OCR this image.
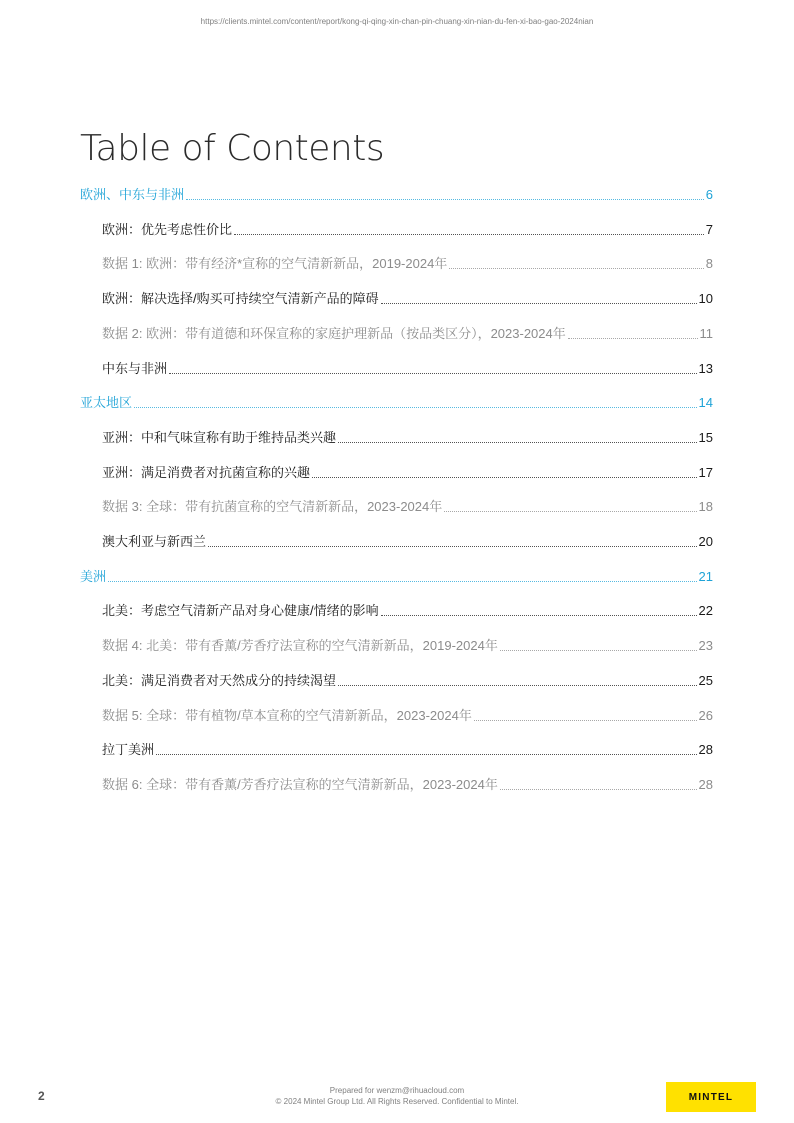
https://clients.mintel.com/content/report/kong-qi-qing-xin-chan-pin-chuang-xin-nian-du-fen-xi-bao-gao-2024nian
Table of Contents
欧洲、中东与非洲	6
欧洲：优先考虑性价比	7
数据 1: 欧洲：带有经济*宣称的空气清新新品，2019-2024年	8
欧洲：解决选择/购买可持续空气清新产品的障碍	10
数据 2: 欧洲：带有道德和环保宣称的家庭护理新品（按品类区分），2023-2024年	11
中东与非洲	13
亚太地区	14
亚洲：中和气味宣称有助于维持品类兴趣	15
亚洲：满足消费者对抗菌宣称的兴趣	17
数据 3: 全球：带有抗菌宣称的空气清新新品，2023-2024年	18
澳大利亚与新西兰	20
美洲	21
北美：考虑空气清新产品对身心健康/情绪的影响	22
数据 4: 北美：带有香薰/芳香疗法宣称的空气清新新品，2019-2024年	23
北美：满足消费者对天然成分的持续渴望	25
数据 5: 全球：带有植物/草本宣称的空气清新新品，2023-2024年	26
拉丁美洲	28
数据 6: 全球：带有香薰/芳香疗法宣称的空气清新新品，2023-2024年	28
2	Prepared for wenzm@rihuacloud.com
© 2024 Mintel Group Ltd. All Rights Reserved. Confidential to Mintel.	MINTEL
